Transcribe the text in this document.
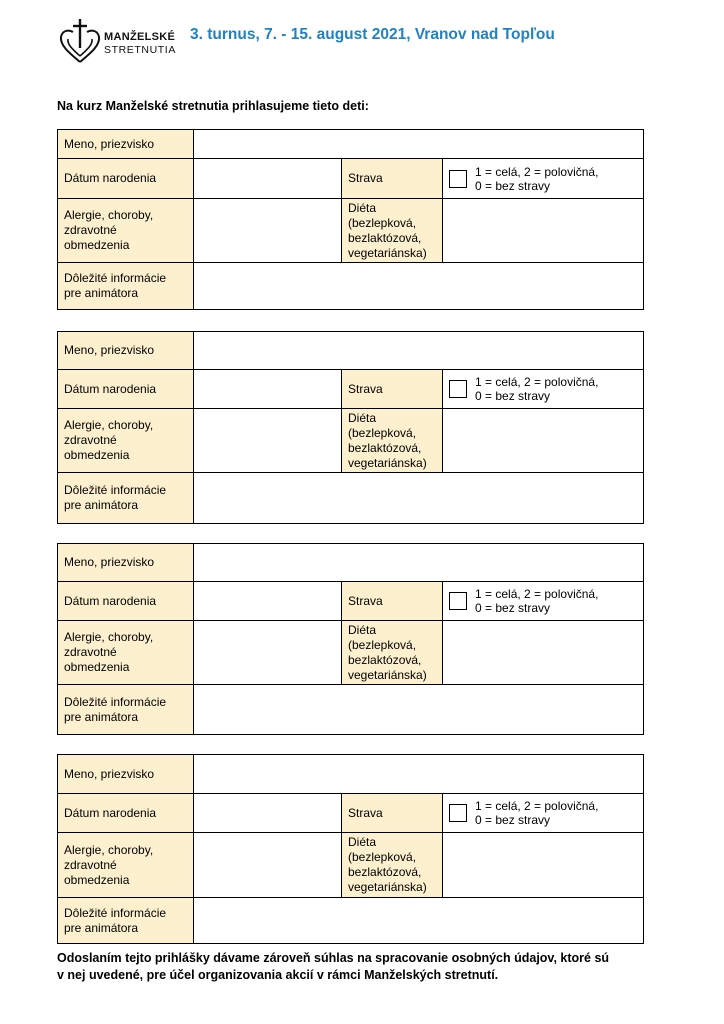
MANŽELSKÉ
STRETNUTIA
3. turnus, 7. - 15. august 2021, Vranov nad Topľou
Na kurz Manželské stretnutia prihlasujeme tieto deti:
Meno, priezvisko			
Dátum narodenia		Strava	1 = celá, 2 = polovičná,
0 = bez stravy

Alergie, choroby,
zdravotné
obmedzenia		Diéta
(bezlepková,
bezlaktózová,
vegetariánska)	
Dôležité informácie
pre animátora			
Meno, priezvisko			
Dátum narodenia		Strava	1 = celá, 2 = polovičná,
0 = bez stravy

Alergie, choroby,
zdravotné
obmedzenia		Diéta
(bezlepková,
bezlaktózová,
vegetariánska)	
Dôležité informácie
pre animátora			
Meno, priezvisko			
Dátum narodenia		Strava	1 = celá, 2 = polovičná,
0 = bez stravy

Alergie, choroby,
zdravotné
obmedzenia		Diéta
(bezlepková,
bezlaktózová,
vegetariánska)	
Dôležité informácie
pre animátora			
Meno, priezvisko			
Dátum narodenia		Strava	1 = celá, 2 = polovičná,
0 = bez stravy

Alergie, choroby,
zdravotné
obmedzenia		Diéta
(bezlepková,
bezlaktózová,
vegetariánska)	
Dôležité informácie
pre animátora			
Odoslaním tejto prihlášky dávame zároveň súhlas na spracovanie osobných údajov, ktoré sú
v nej uvedené, pre účel organizovania akcií v rámci Manželských stretnutí.
